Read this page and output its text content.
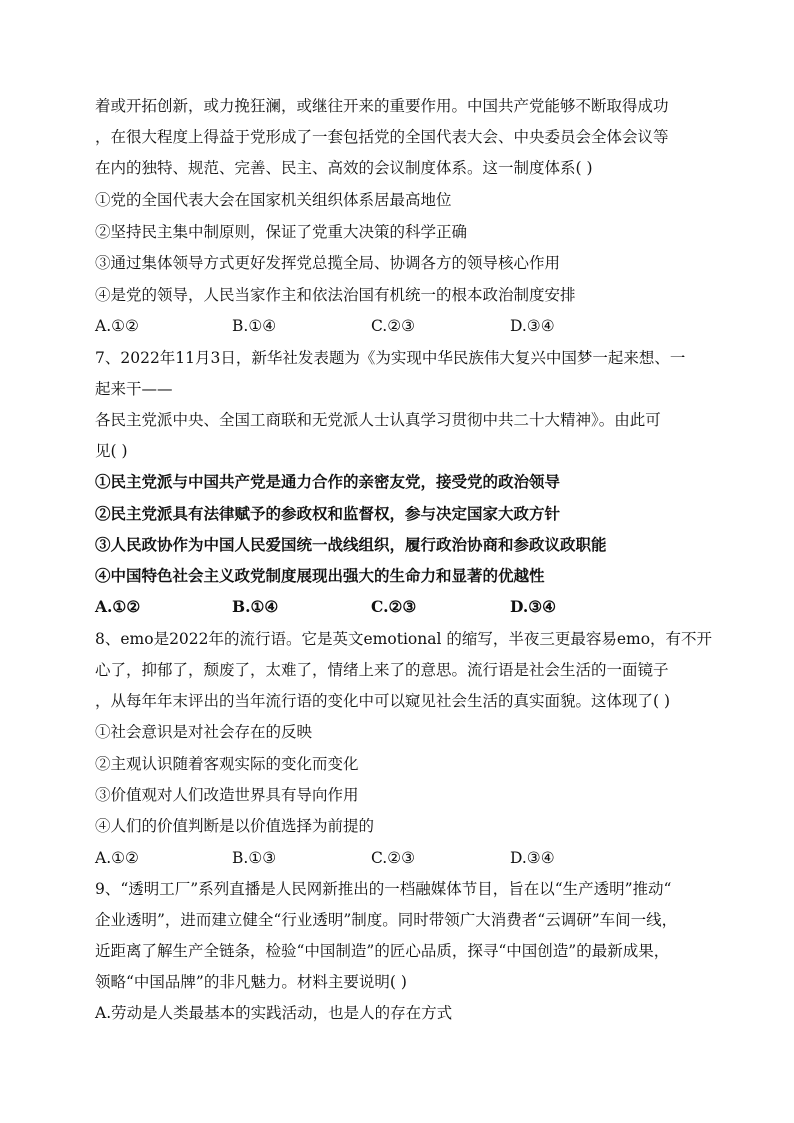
着或开拓创新，或力挽狂澜，或继往开来的重要作用。中国共产党能够不断取得成功
，在很大程度上得益于党形成了一套包括党的全国代表大会、中央委员会全体会议等
在内的独特、规范、完善、民主、高效的会议制度体系。这一制度体系( )
①党的全国代表大会在国家机关组织体系居最高地位
②坚持民主集中制原则，保证了党重大决策的科学正确
③通过集体领导方式更好发挥党总揽全局、协调各方的领导核心作用
④是党的领导，人民当家作主和依法治国有机统一的根本政治制度安排
A.①②	B.①④	C.②③	D.③④
7、2022年11月3日，新华社发表题为《为实现中华民族伟大复兴中国梦一起来想、一
起来干——
各民主党派中央、全国工商联和无党派人士认真学习贯彻中共二十大精神》。由此可
见( )
①民主党派与中国共产党是通力合作的亲密友党，接受党的政治领导
②民主党派具有法律赋予的参政权和监督权，参与决定国家大政方针
③人民政协作为中国人民爱国统一战线组织，履行政治协商和参政议政职能
④中国特色社会主义政党制度展现出强大的生命力和显著的优越性
A.①②	B.①④	C.②③	D.③④
8、emo是2022年的流行语。它是英文emotional 的缩写，半夜三更最容易emo，有不开
心了，抑郁了，颓废了，太难了，情绪上来了的意思。流行语是社会生活的一面镜子
，从每年年末评出的当年流行语的变化中可以窥见社会生活的真实面貌。这体现了( )
①社会意识是对社会存在的反映
②主观认识随着客观实际的变化而变化
③价值观对人们改造世界具有导向作用
④人们的价值判断是以价值选择为前提的
A.①②	B.①③	C.②③	D.③④
9、“透明工厂”系列直播是人民网新推出的一档融媒体节目，旨在以“生产透明”推动“
企业透明”，进而建立健全“行业透明”制度。同时带领广大消费者“云调研”车间一线，
近距离了解生产全链条，检验“中国制造”的匠心品质，探寻“中国创造”的最新成果，
领略“中国品牌”的非凡魅力。材料主要说明( )
A.劳动是人类最基本的实践活动，也是人的存在方式
